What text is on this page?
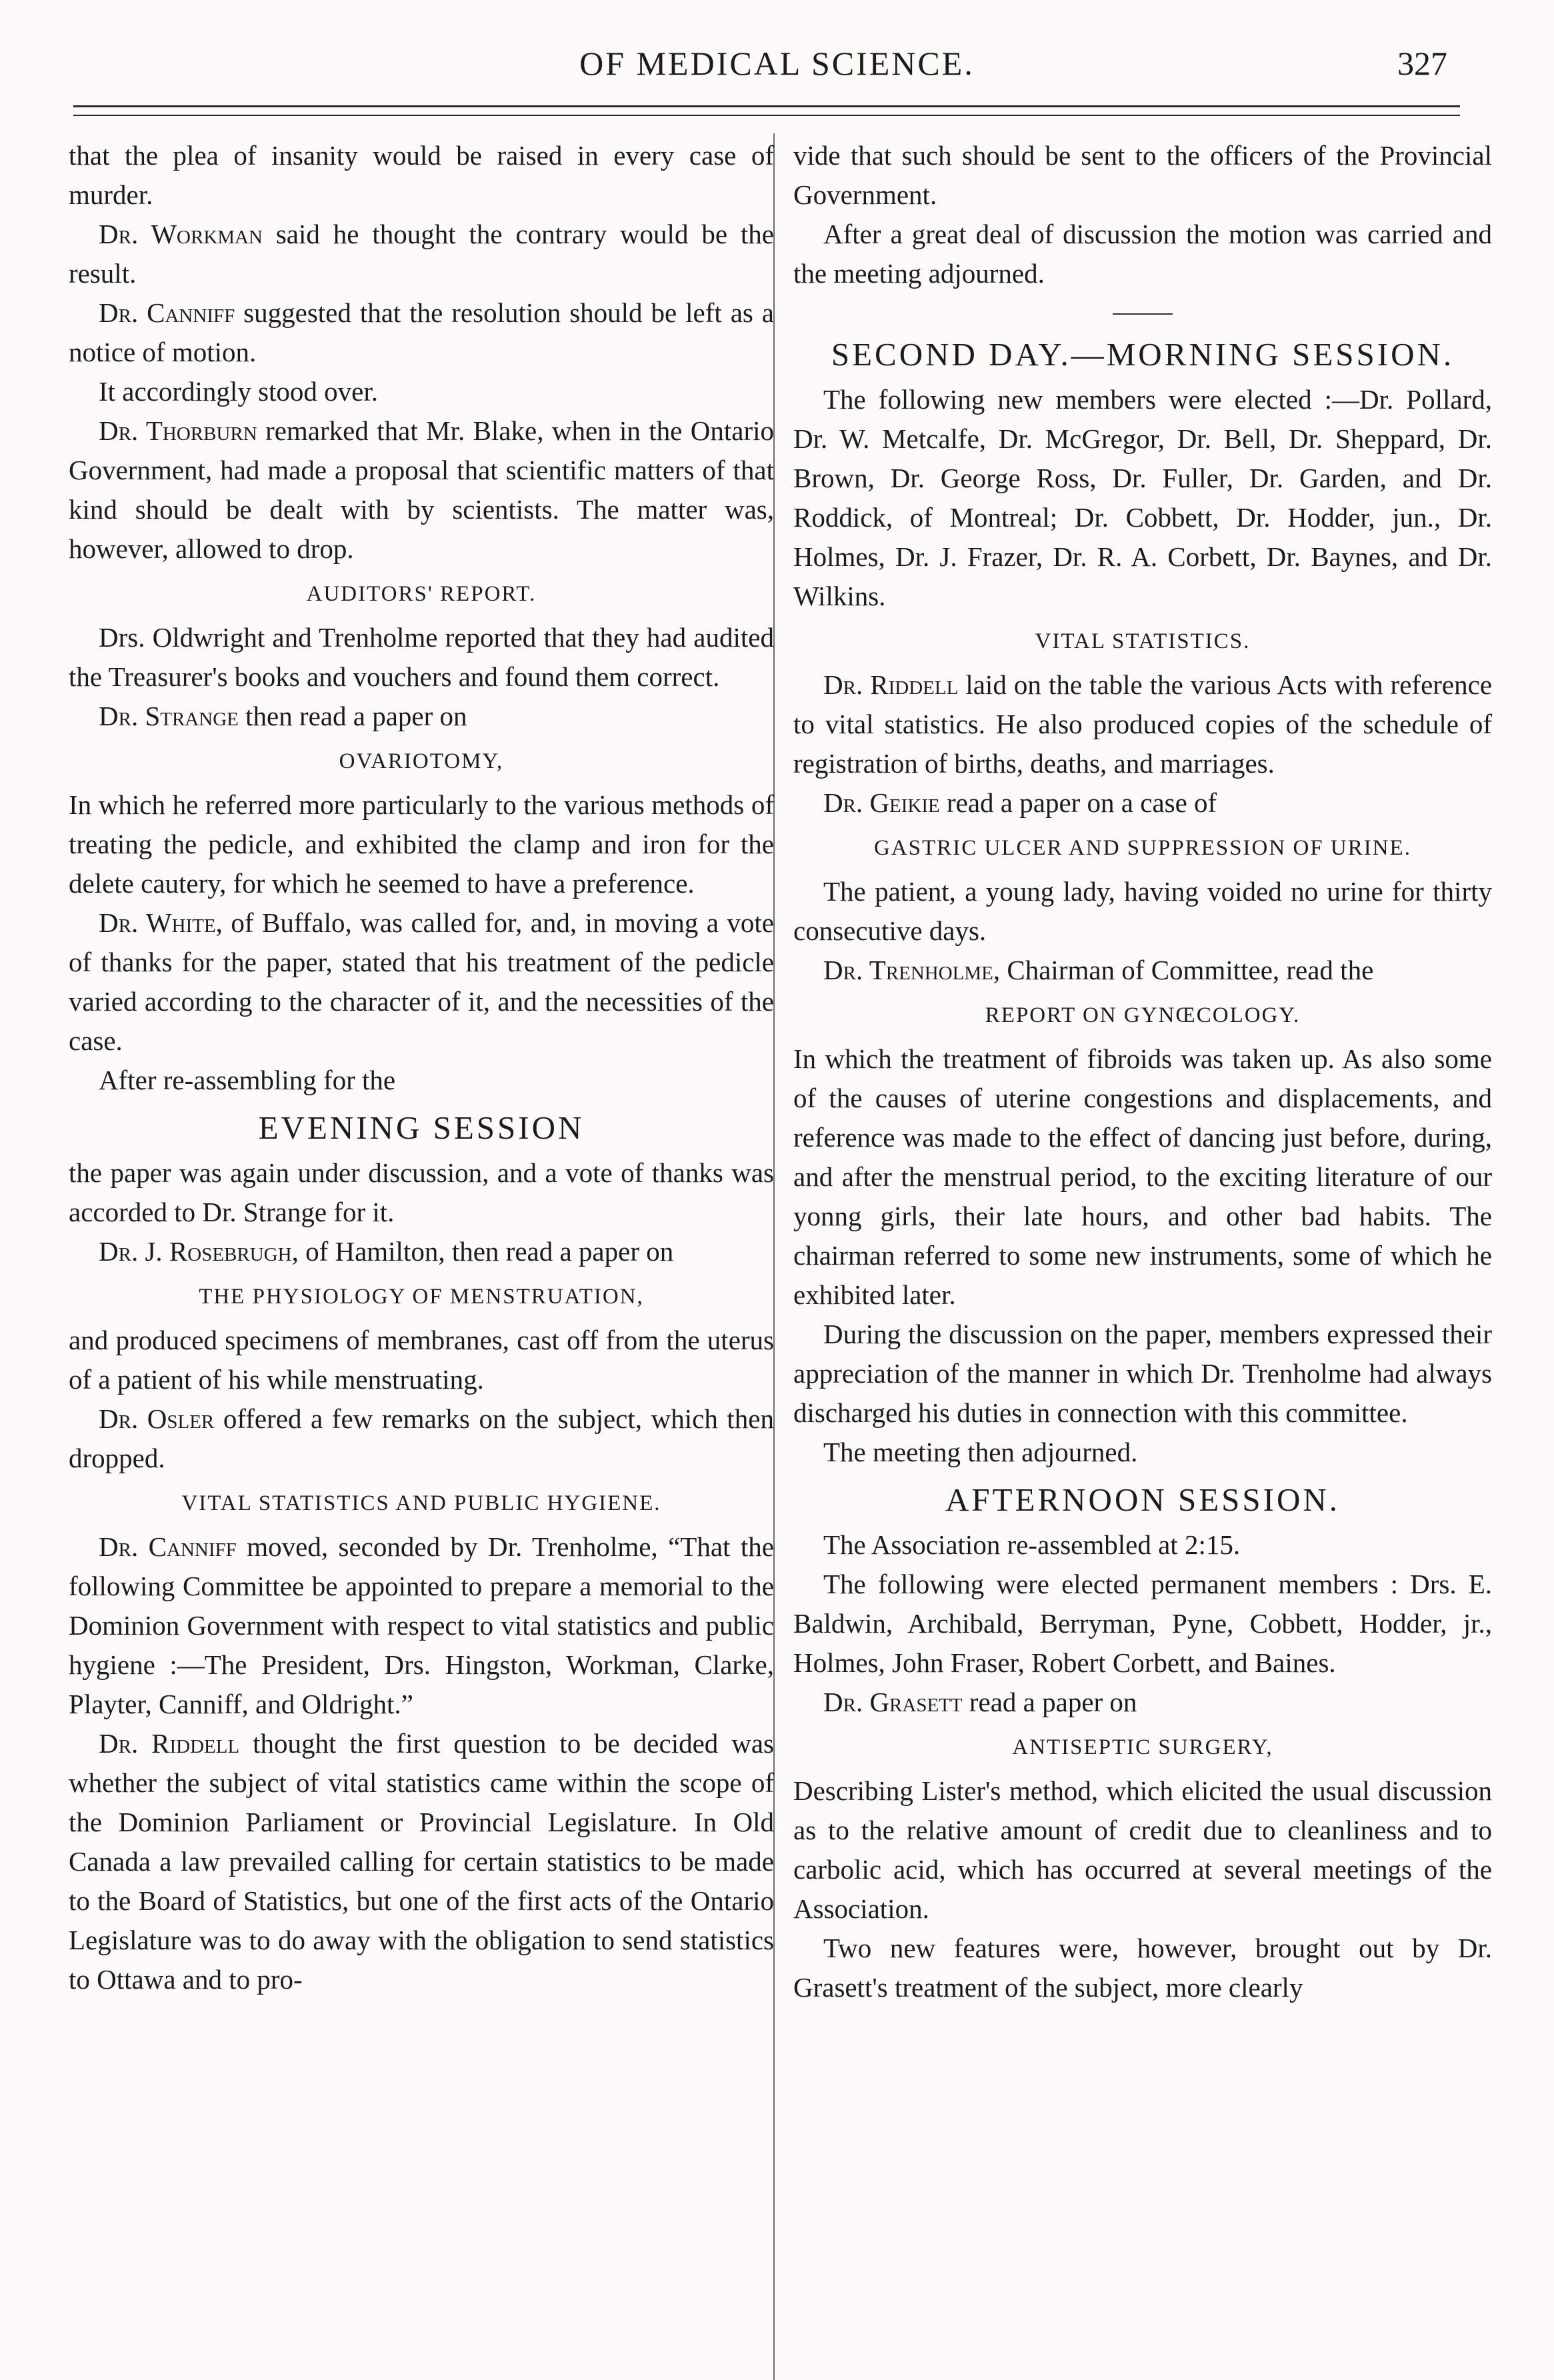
OF MEDICAL SCIENCE.	327

that the plea of insanity would be raised in every case of murder.

Dr. Workman said he thought the contrary would be the result.

Dr. Canniff suggested that the resolution should be left as a notice of motion.

It accordingly stood over.

Dr. Thorburn remarked that Mr. Blake, when in the Ontario Government, had made a proposal that scientific matters of that kind should be dealt with by scientists. The matter was, however, allowed to drop.

AUDITORS' REPORT.

Drs. Oldwright and Trenholme reported that they had audited the Treasurer's books and vouchers and found them correct.

Dr. Strange then read a paper on

OVARIOTOMY,

In which he referred more particularly to the various methods of treating the pedicle, and exhibited the clamp and iron for the delete cautery, for which he seemed to have a preference.

Dr. White, of Buffalo, was called for, and, in moving a vote of thanks for the paper, stated that his treatment of the pedicle varied according to the character of it, and the necessities of the case.

After re-assembling for the

EVENING SESSION

the paper was again under discussion, and a vote of thanks was accorded to Dr. Strange for it.

Dr. J. Rosebrugh, of Hamilton, then read a paper on

THE PHYSIOLOGY OF MENSTRUATION,

and produced specimens of membranes, cast off from the uterus of a patient of his while menstruating.

Dr. Osler offered a few remarks on the subject, which then dropped.

VITAL STATISTICS AND PUBLIC HYGIENE.

Dr. Canniff moved, seconded by Dr. Trenholme, “That the following Committee be appointed to prepare a memorial to the Dominion Government with respect to vital statistics and public hygiene :—The President, Drs. Hingston, Workman, Clarke, Playter, Canniff, and Oldright.”

Dr. Riddell thought the first question to be decided was whether the subject of vital statistics came within the scope of the Dominion Parliament or Provincial Legislature. In Old Canada a law prevailed calling for certain statistics to be made to the Board of Statistics, but one of the first acts of the Ontario Legislature was to do away with the obligation to send statistics to Ottawa and to pro-

vide that such should be sent to the officers of the Provincial Government.

After a great deal of discussion the motion was carried and the meeting adjourned.

SECOND DAY.—MORNING SESSION.

The following new members were elected :—Dr. Pollard, Dr. W. Metcalfe, Dr. McGregor, Dr. Bell, Dr. Sheppard, Dr. Brown, Dr. George Ross, Dr. Fuller, Dr. Garden, and Dr. Roddick, of Montreal; Dr. Cobbett, Dr. Hodder, jun., Dr. Holmes, Dr. J. Frazer, Dr. R. A. Corbett, Dr. Baynes, and Dr. Wilkins.

VITAL STATISTICS.

Dr. Riddell laid on the table the various Acts with reference to vital statistics. He also produced copies of the schedule of registration of births, deaths, and marriages.

Dr. Geikie read a paper on a case of

GASTRIC ULCER AND SUPPRESSION OF URINE.

The patient, a young lady, having voided no urine for thirty consecutive days.

Dr. Trenholme, Chairman of Committee, read the

REPORT ON GYNŒCOLOGY.

In which the treatment of fibroids was taken up. As also some of the causes of uterine congestions and displacements, and reference was made to the effect of dancing just before, during, and after the menstrual period, to the exciting literature of our yonng girls, their late hours, and other bad habits. The chairman referred to some new instruments, some of which he exhibited later.

During the discussion on the paper, members expressed their appreciation of the manner in which Dr. Trenholme had always discharged his duties in connection with this committee.

The meeting then adjourned.

AFTERNOON SESSION.

The Association re-assembled at 2:15.

The following were elected permanent members : Drs. E. Baldwin, Archibald, Berryman, Pyne, Cobbett, Hodder, jr., Holmes, John Fraser, Robert Corbett, and Baines.

Dr. Grasett read a paper on

ANTISEPTIC SURGERY,

Describing Lister's method, which elicited the usual discussion as to the relative amount of credit due to cleanliness and to carbolic acid, which has occurred at several meetings of the Association.

Two new features were, however, brought out by Dr. Grasett's treatment of the subject, more clearly
